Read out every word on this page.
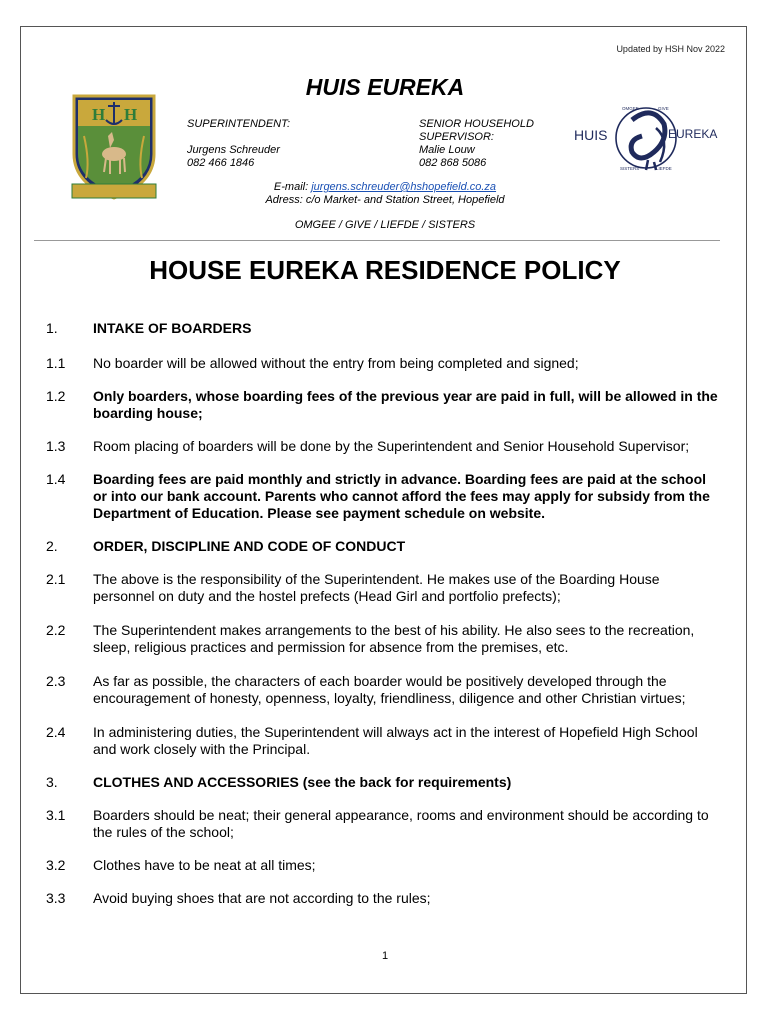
Updated by HSH Nov 2022
H H
HUIS EUREKA
SUPERINTENDENT:
Jurgens Schreuder
082 466 1846
SENIOR HOUSEHOLD
SUPERVISOR:
Malie Louw
082 868 5086
HUIS	EUREKA
OMGEE	GIVE
SISTERS	LIEFDE
E-mail: jurgens.schreuder@hshopefield.co.za
Adress: c/o Market- and Station Street, Hopefield
OMGEE / GIVE / LIEFDE / SISTERS
HOUSE EUREKA RESIDENCE POLICY
1.	INTAKE OF BOARDERS
1.1	No boarder will be allowed without the entry from being completed and signed;
1.2	Only boarders, whose boarding fees of the previous year are paid in full, will be allowed in the boarding house;
1.3	Room placing of boarders will be done by the Superintendent and Senior Household Supervisor;
1.4	Boarding fees are paid monthly and strictly in advance. Boarding fees are paid at the school or into our bank account. Parents who cannot afford the fees may apply for subsidy from the Department of Education. Please see payment schedule on website.
2.	ORDER, DISCIPLINE AND CODE OF CONDUCT
2.1	The above is the responsibility of the Superintendent. He makes use of the Boarding House personnel on duty and the hostel prefects (Head Girl and portfolio prefects);
2.2	The Superintendent makes arrangements to the best of his ability. He also sees to the recreation, sleep, religious practices and permission for absence from the premises, etc.
2.3	As far as possible, the characters of each boarder would be positively developed through the encouragement of honesty, openness, loyalty, friendliness, diligence and other Christian virtues;
2.4	In administering duties, the Superintendent will always act in the interest of Hopefield High School and work closely with the Principal.
3.	CLOTHES AND ACCESSORIES (see the back for requirements)
3.1	Boarders should be neat; their general appearance, rooms and environment should be according to the rules of the school;
3.2	Clothes have to be neat at all times;
3.3	Avoid buying shoes that are not according to the rules;
1
